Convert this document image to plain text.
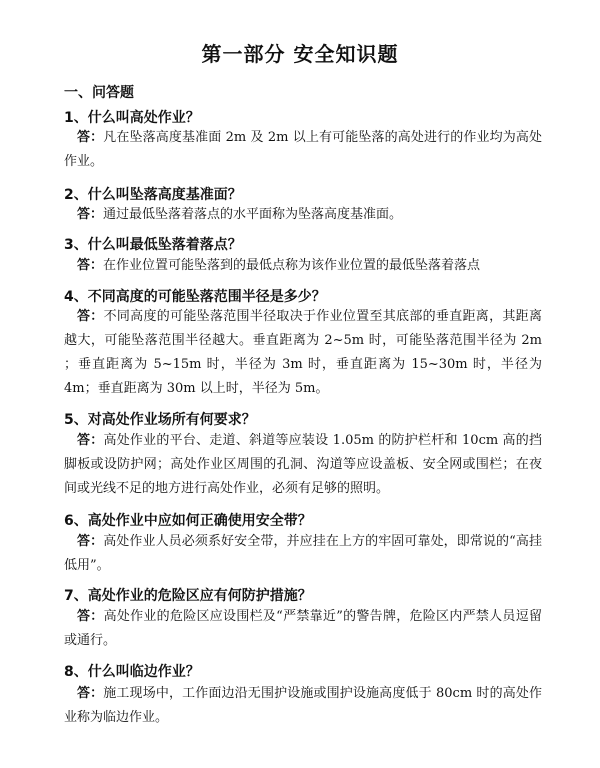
第一部分 安全知识题
一、问答题
1、什么叫高处作业？
答：凡在坠落高度基准面 2m 及 2m 以上有可能坠落的高处进行的作业均为高处作业。
2、什么叫坠落高度基准面？
答：通过最低坠落着落点的水平面称为坠落高度基准面。
3、什么叫最低坠落着落点？
答：在作业位置可能坠落到的最低点称为该作业位置的最低坠落着落点
4、不同高度的可能坠落范围半径是多少？
答：不同高度的可能坠落范围半径取决于作业位置至其底部的垂直距离，其距离越大，可能坠落范围半径越大。垂直距离为 2~5m 时，可能坠落范围半径为 2m ；垂直距离为 5~15m 时，半径为 3m 时，垂直距离为 15~30m 时，半径为 4m；垂直距离为 30m 以上时，半径为 5m。
5、对高处作业场所有何要求？
答：高处作业的平台、走道、斜道等应装设 1.05m 的防护栏杆和 10cm 高的挡脚板或设防护网；高处作业区周围的孔洞、沟道等应设盖板、安全网或围栏；在夜间或光线不足的地方进行高处作业，必须有足够的照明。
6、高处作业中应如何正确使用安全带？
答：高处作业人员必须系好安全带，并应挂在上方的牢固可靠处，即常说的“高挂低用”。
7、高处作业的危险区应有何防护措施？
答：高处作业的危险区应设围栏及“严禁靠近”的警告牌，危险区内严禁人员逗留或通行。
8、什么叫临边作业？
答：施工现场中，工作面边沿无围护设施或围护设施高度低于 80cm 时的高处作业称为临边作业。
